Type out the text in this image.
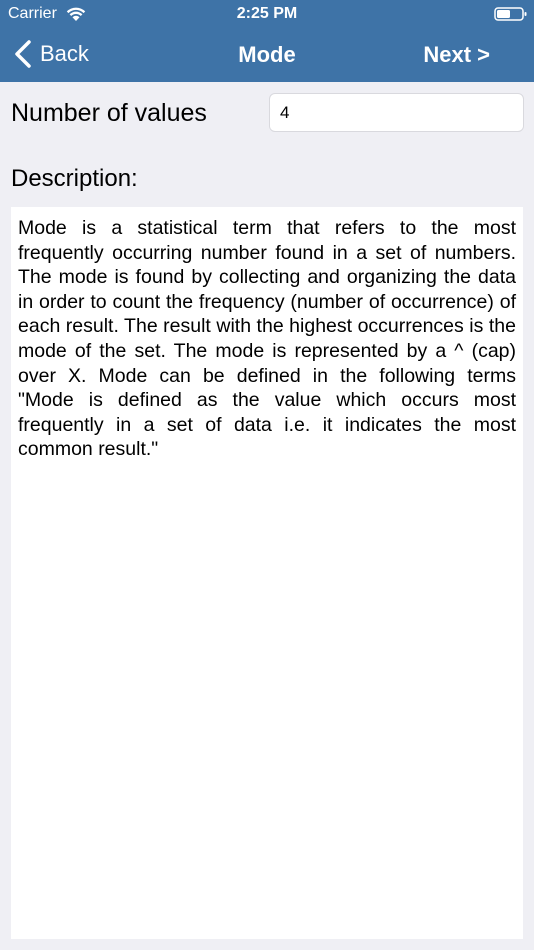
Carrier	2:25 PM
Back	Mode	Next >
Number of values
4
Description:
Mode is a statistical term that refers to the most frequently occurring number found in a set of numbers. The mode is found by collecting and organizing the data in order to count the frequency (number of occurrence) of each result. The result with the highest occurrences is the mode of the set. The mode is represented by a ^ (cap) over X. Mode can be defined in the following terms "Mode is defined as the value which occurs most frequently in a set of data i.e. it indicates the most common result."
